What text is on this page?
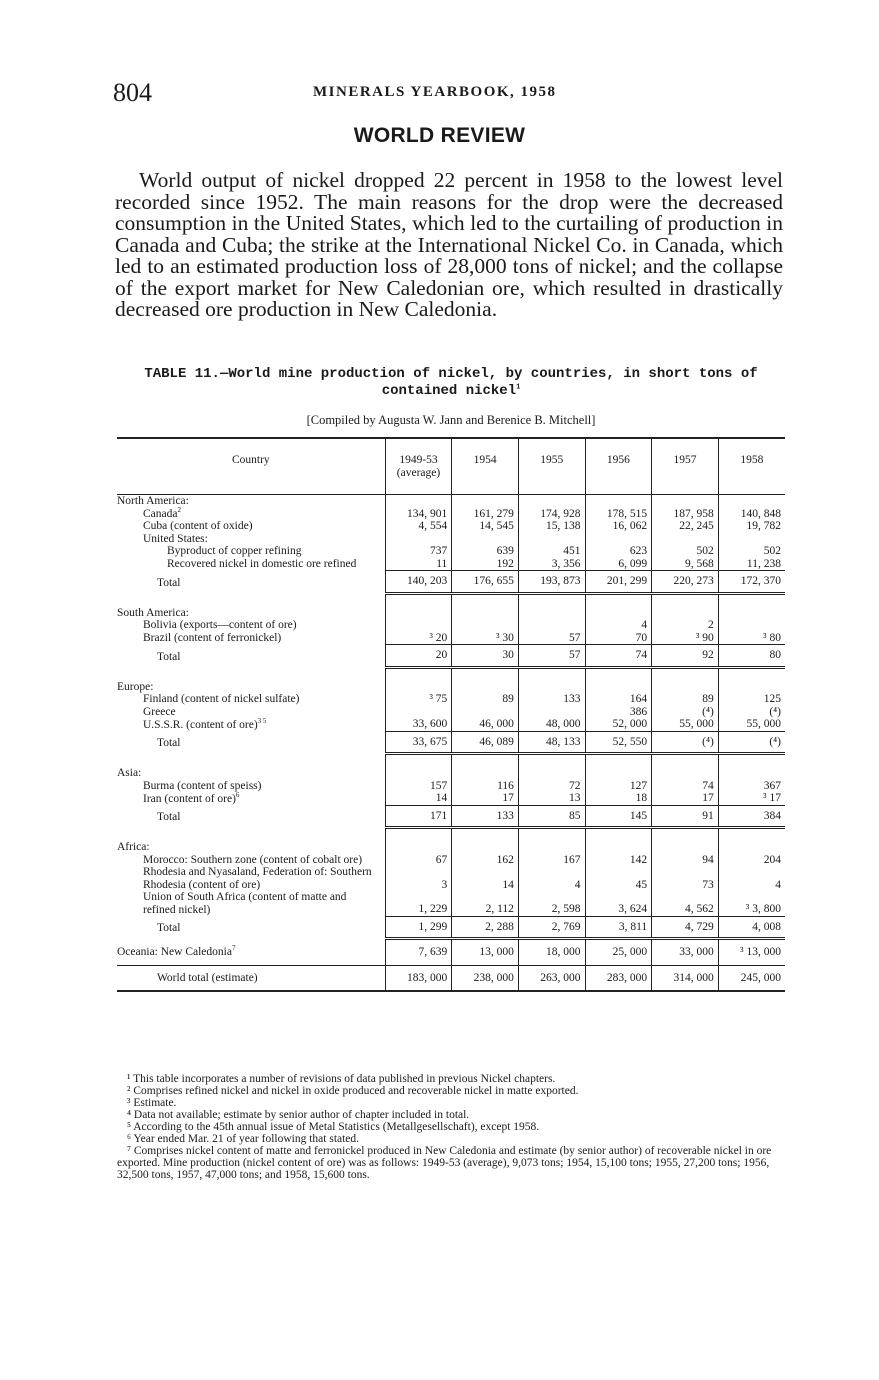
804	MINERALS YEARBOOK, 1958
WORLD REVIEW

World output of nickel dropped 22 percent in 1958 to the lowest level recorded since 1952. The main reasons for the drop were the decreased consumption in the United States, which led to the curtailing of production in Canada and Cuba; the strike at the International Nickel Co. in Canada, which led to an estimated production loss of 28,000 tons of nickel; and the collapse of the export market for New Caledonian ore, which resulted in drastically decreased ore production in New Caledonia.

TABLE 11.—World mine production of nickel, by countries, in short tons of
contained nickel$^1$
[Compiled by Augusta W. Jann and Berenice B. Mitchell]
Country	1949-53 (average)	1954	1955	1956	1957	1958
North America:						
Canada$^2$	134, 901	161, 279	174, 928	178, 515	187, 958	140, 848
Cuba (content of oxide)	4, 554	14, 545	15, 138	16, 062	22, 245	19, 782
United States:						
Byproduct of copper refining	737	639	451	623	502	502
Recovered nickel in domestic ore refined	11	192	3, 356	6, 099	9, 568	11, 238
Total	140, 203	176, 655	193, 873	201, 299	220, 273	172, 370

South America:						
Bolivia (exports—content of ore)				4	2	
Brazil (content of ferronickel)	³ 20	³ 30	57	70	³ 90	³ 80
Total	20	30	57	74	92	80

Europe:						
Finland (content of nickel sulfate)	³ 75	89	133	164	89	125
Greece				386	(⁴)	(⁴)
U.S.S.R. (content of ore)$^{3 5}$	33, 600	46, 000	48, 000	52, 000	55, 000	55, 000
Total	33, 675	46, 089	48, 133	52, 550	(⁴)	(⁴)

Asia:						
Burma (content of speiss)	157	116	72	127	74	367
Iran (content of ore)$^6$	14	17	13	18	17	³ 17
Total	171	133	85	145	91	384

Africa:						
Morocco: Southern zone (content of cobalt ore)	67	162	167	142	94	204
Rhodesia and Nyasaland, Federation of: Southern Rhodesia (content of ore)	3	14	4	45	73	4
Union of South Africa (content of matte and refined nickel)	1, 229	2, 112	2, 598	3, 624	4, 562	³ 3, 800
Total	1, 299	2, 288	2, 769	3, 811	4, 729	4, 008
Oceania: New Caledonia$^7$	7, 639	13, 000	18, 000	25, 000	33, 000	³ 13, 000
World total (estimate)	183, 000	238, 000	263, 000	283, 000	314, 000	245, 000

¹ This table incorporates a number of revisions of data published in previous Nickel chapters.

² Comprises refined nickel and nickel in oxide produced and recoverable nickel in matte exported.

³ Estimate.

⁴ Data not available; estimate by senior author of chapter included in total.

⁵ According to the 45th annual issue of Metal Statistics (Metallgesellschaft), except 1958.

⁶ Year ended Mar. 21 of year following that stated.

⁷ Comprises nickel content of matte and ferronickel produced in New Caledonia and estimate (by senior author) of recoverable nickel in ore exported. Mine production (nickel content of ore) was as follows: 1949-53 (average), 9,073 tons; 1954, 15,100 tons; 1955, 27,200 tons; 1956, 32,500 tons, 1957, 47,000 tons; and 1958, 15,600 tons.
